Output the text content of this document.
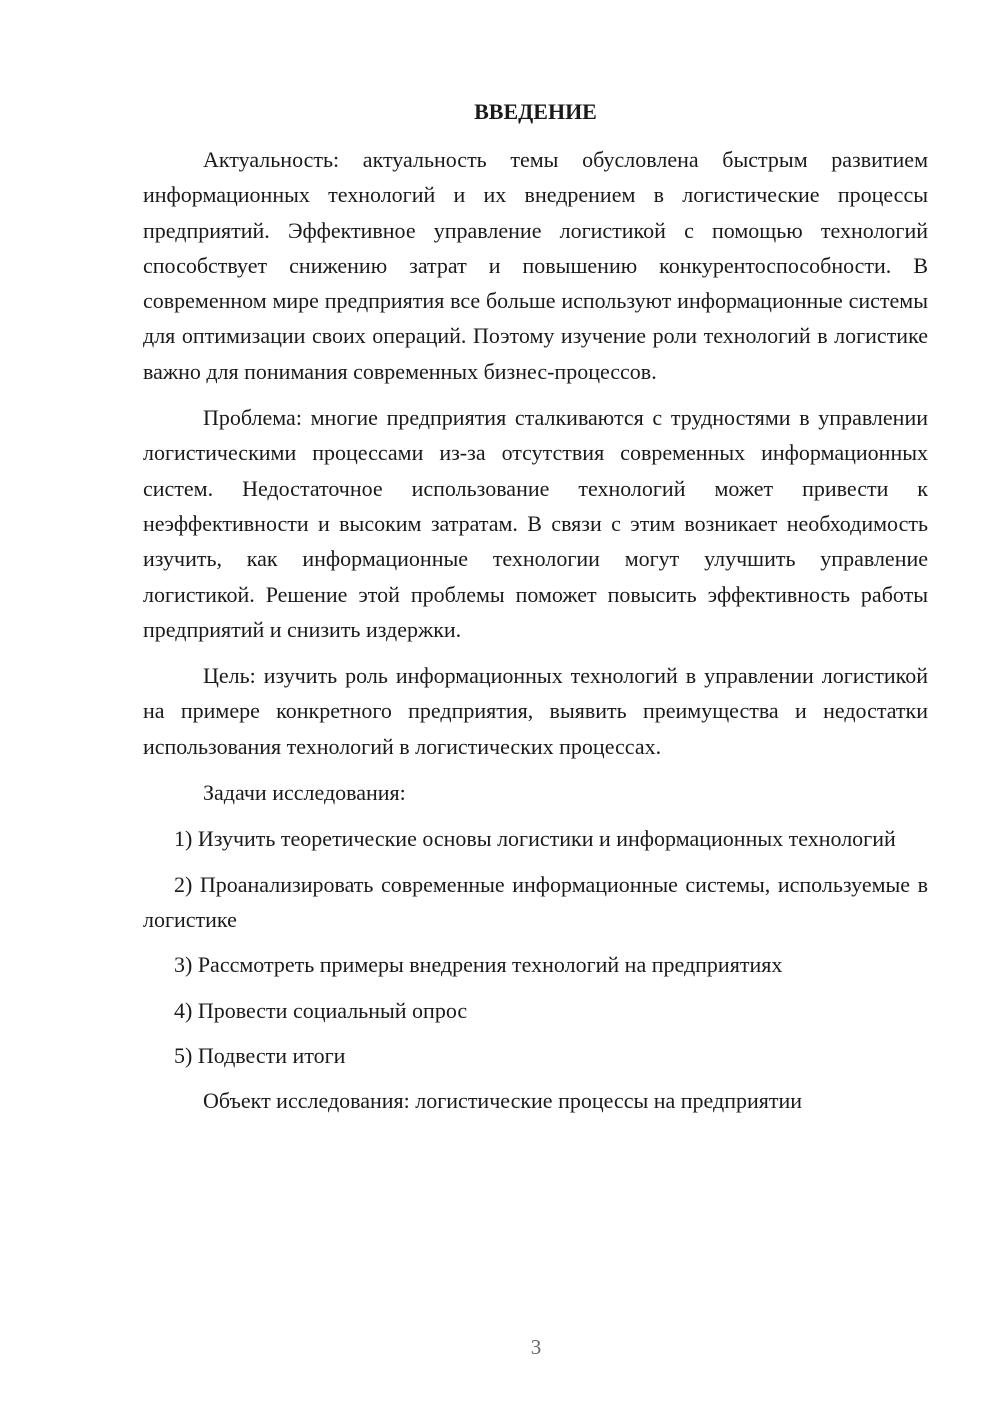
ВВЕДЕНИЕ

Актуальность: актуальность темы обусловлена быстрым развитием информационных технологий и их внедрением в логистические процессы предприятий. Эффективное управление логистикой с помощью технологий способствует снижению затрат и повышению конкурентоспособности. В современном мире предприятия все больше используют информационные системы для оптимизации своих операций. Поэтому изучение роли технологий в логистике важно для понимания современных бизнес-процессов.

Проблема: многие предприятия сталкиваются с трудностями в управлении логистическими процессами из-за отсутствия современных информационных систем. Недостаточное использование технологий может привести к неэффективности и высоким затратам. В связи с этим возникает необходимость изучить, как информационные технологии могут улучшить управление логистикой. Решение этой проблемы поможет повысить эффективность работы предприятий и снизить издержки.

Цель: изучить роль информационных технологий в управлении логистикой на примере конкретного предприятия, выявить преимущества и недостатки использования технологий в логистических процессах.

Задачи исследования:

1) Изучить теоретические основы логистики и информационных технологий

2) Проанализировать современные информационные системы, используемые в логистике

3) Рассмотреть примеры внедрения технологий на предприятиях

4) Провести социальный опрос

5) Подвести итоги

Объект исследования: логистические процессы на предприятии

3
